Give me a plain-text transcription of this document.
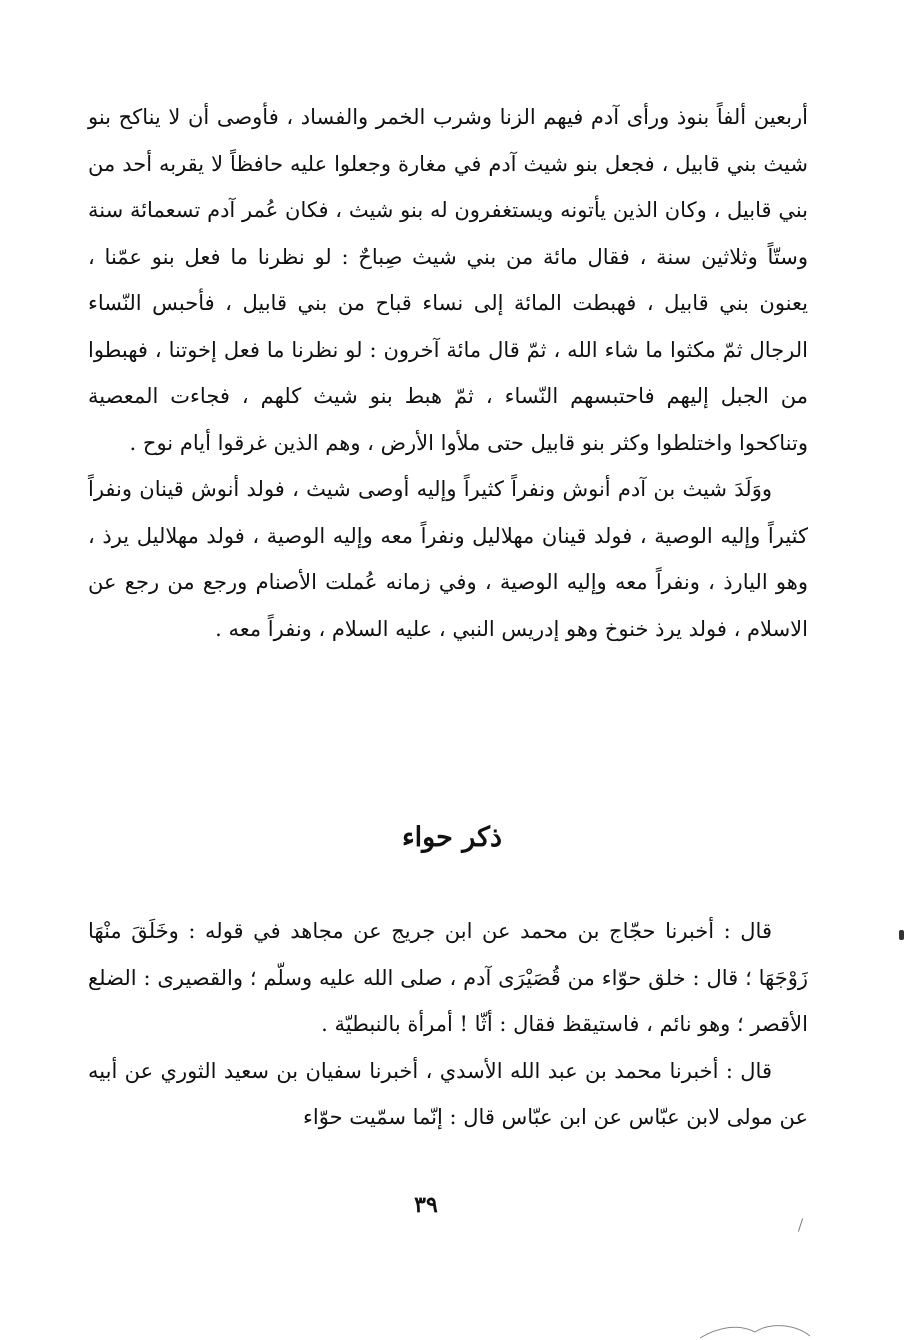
أربعين ألفاً بنوذ ورأى آدم فيهم الزنا وشرب الخمر والفساد ، فأوصى أن لا يناكح بنو شيث بني قابيل ، فجعل بنو شيث آدم في مغارة وجعلوا عليه حافظاً لا يقربه أحد من بني قابيل ، وكان الذين يأتونه ويستغفرون له بنو شيث ، فكان عُمر آدم تسعمائة سنة وستّاً وثلاثين سنة ، فقال مائة من بني شيث صِباحٌ : لو نظرنا ما فعل بنو عمّنا ، يعنون بني قابيل ، فهبطت المائة إلى نساء قباح من بني قابيل ، فأحبس النّساء الرجال ثمّ مكثوا ما شاء الله ، ثمّ قال مائة آخرون : لو نظرنا ما فعل إخوتنا ، فهبطوا من الجبل إليهم فاحتبسهم النّساء ، ثمّ هبط بنو شيث كلهم ، فجاءت المعصية وتناكحوا واختلطوا وكثر بنو قابيل حتى ملأوا الأرض ، وهم الذين غرقوا أيام نوح .

ووَلَدَ شيث بن آدم أنوش ونفراً كثيراً وإليه أوصى شيث ، فولد أنوش قينان ونفراً كثيراً وإليه الوصية ، فولد قينان مهلاليل ونفراً معه وإليه الوصية ، فولد مهلاليل يرذ ، وهو اليارذ ، ونفراً معه وإليه الوصية ، وفي زمانه عُملت الأصنام ورجع من رجع عن الاسلام ، فولد يرذ خنوخ وهو إدريس النبي ، عليه السلام ، ونفراً معه .

ذكر حواء

قال : أخبرنا حجّاج بن محمد عن ابن جريج عن مجاهد في قوله : وخَلَقَ منْهَا زَوْجَهَا ؛ قال : خلق حوّاء من قُصَيْرَى آدم ، صلى الله عليه وسلّم ؛ والقصيرى : الضلع الأقصر ؛ وهو نائم ، فاستيقظ فقال : أثّا ! أمرأة بالنبطيّة .

قال : أخبرنا محمد بن عبد الله الأسدي ، أخبرنا سفيان بن سعيد الثوري عن أبيه عن مولى لابن عبّاس عن ابن عبّاس قال : إنّما سمّيت حوّاء

٣٩
